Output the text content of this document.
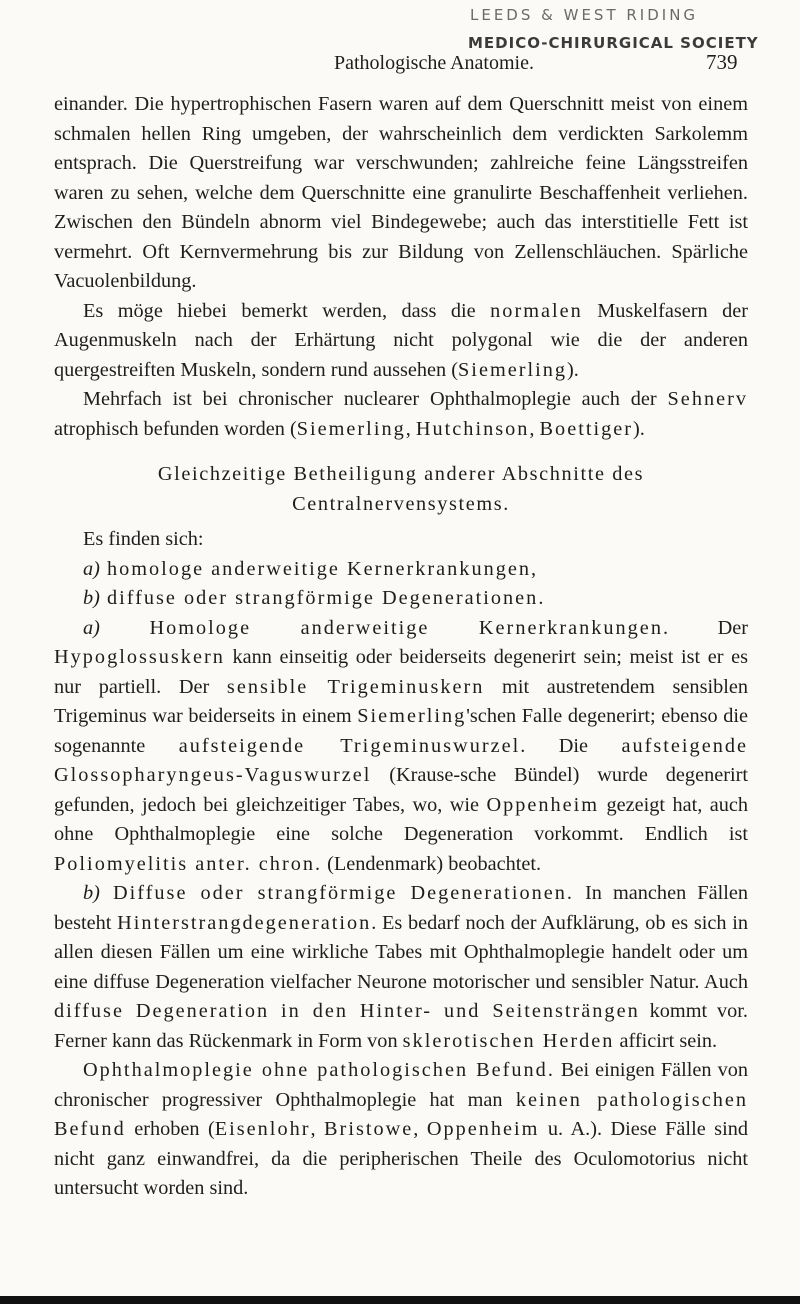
LEEDS & WEST RIDING
MEDICO-CHIRURGICAL SOCIETY
Pathologische Anatomie.	739

einander. Die hypertrophischen Fasern waren auf dem Querschnitt meist von einem schmalen hellen Ring umgeben, der wahrscheinlich dem verdickten Sarkolemm entsprach. Die Querstreifung war verschwunden; zahlreiche feine Längsstreifen waren zu sehen, welche dem Querschnitte eine granulirte Beschaffenheit verliehen. Zwischen den Bündeln abnorm viel Bindegewebe; auch das interstitielle Fett ist vermehrt. Oft Kernvermehrung bis zur Bildung von Zellenschläuchen. Spärliche Vacuolenbildung.

Es möge hiebei bemerkt werden, dass die normalen Muskelfasern der Augenmuskeln nach der Erhärtung nicht polygonal wie die der anderen quergestreiften Muskeln, sondern rund aussehen (Siemerling).

Mehrfach ist bei chronischer nuclearer Ophthalmoplegie auch der Sehnerv atrophisch befunden worden (Siemerling, Hutchinson, Boettiger).

Gleichzeitige Betheiligung anderer Abschnitte des Centralnervensystems.

Es finden sich:

a) homologe anderweitige Kernerkrankungen,

b) diffuse oder strangförmige Degenerationen.

a) Homologe anderweitige Kernerkrankungen. Der Hypoglossuskern kann einseitig oder beiderseits degenerirt sein; meist ist er es nur partiell. Der sensible Trigeminuskern mit austretendem sensiblen Trigeminus war beiderseits in einem Siemerling'schen Falle degenerirt; ebenso die sogenannte aufsteigende Trigeminuswurzel. Die aufsteigende Glossopharyngeus-Vaguswurzel (Krause-sche Bündel) wurde degenerirt gefunden, jedoch bei gleichzeitiger Tabes, wo, wie Oppenheim gezeigt hat, auch ohne Ophthalmoplegie eine solche Degeneration vorkommt. Endlich ist Poliomyelitis anter. chron. (Lendenmark) beobachtet.

b) Diffuse oder strangförmige Degenerationen. In manchen Fällen besteht Hinterstrangdegeneration. Es bedarf noch der Aufklärung, ob es sich in allen diesen Fällen um eine wirkliche Tabes mit Ophthalmoplegie handelt oder um eine diffuse Degeneration vielfacher Neurone motorischer und sensibler Natur. Auch diffuse Degeneration in den Hinter- und Seitensträngen kommt vor. Ferner kann das Rückenmark in Form von sklerotischen Herden afficirt sein.

Ophthalmoplegie ohne pathologischen Befund. Bei einigen Fällen von chronischer progressiver Ophthalmoplegie hat man keinen pathologischen Befund erhoben (Eisenlohr, Bristowe, Oppenheim u. A.). Diese Fälle sind nicht ganz einwandfrei, da die peripherischen Theile des Oculomotorius nicht untersucht worden sind.
